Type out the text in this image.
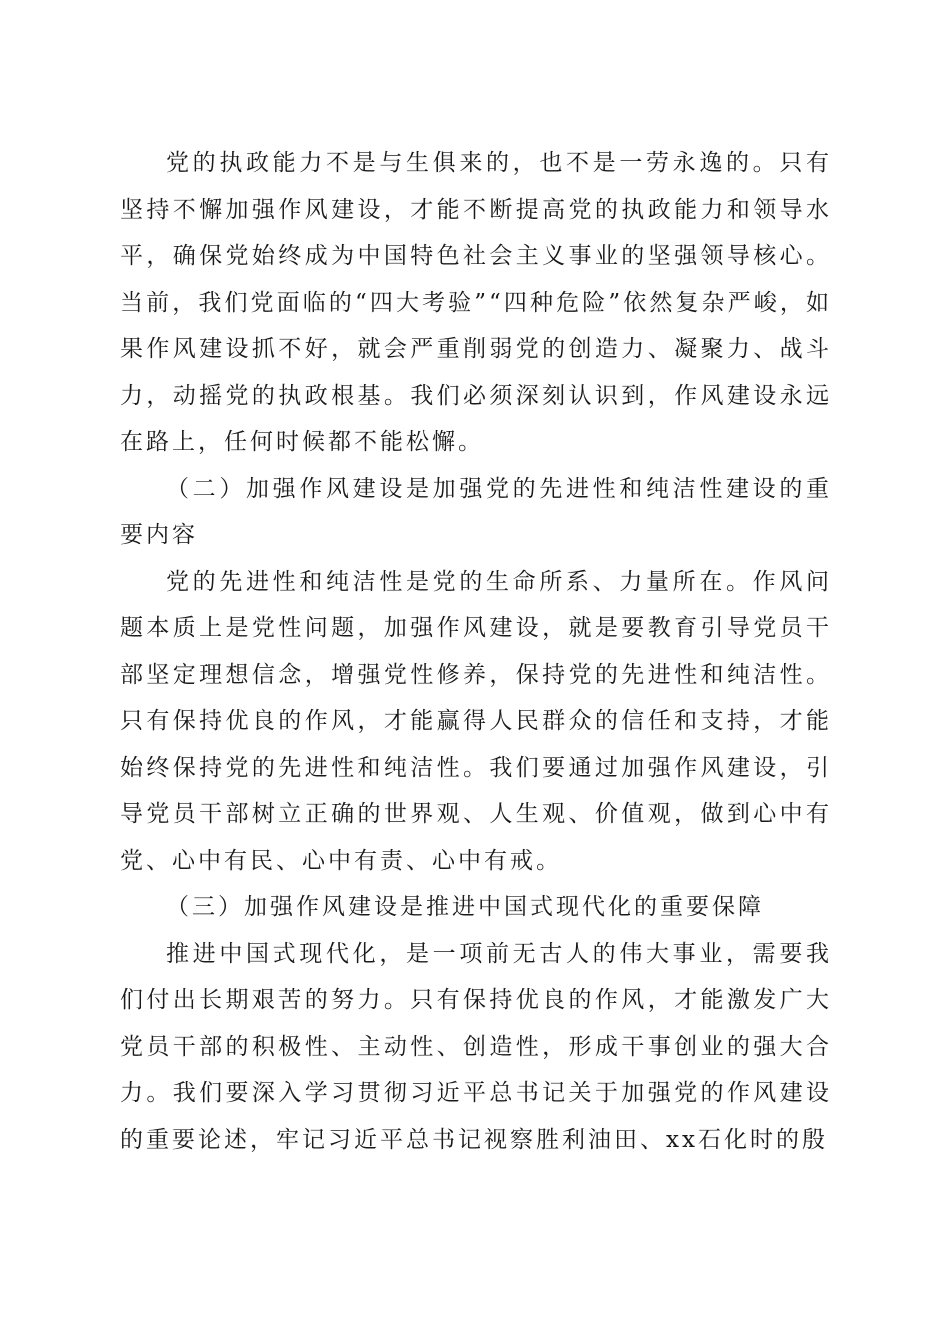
党的执政能力不是与生俱来的，也不是一劳永逸的。只有坚持不懈加强作风建设，才能不断提高党的执政能力和领导水平，确保党始终成为中国特色社会主义事业的坚强领导核心。当前，我们党面临的“四大考验”“四种危险”依然复杂严峻，如果作风建设抓不好，就会严重削弱党的创造力、凝聚力、战斗力，动摇党的执政根基。我们必须深刻认识到，作风建设永远在路上，任何时候都不能松懈。

（二）加强作风建设是加强党的先进性和纯洁性建设的重要内容

党的先进性和纯洁性是党的生命所系、力量所在。作风问题本质上是党性问题，加强作风建设，就是要教育引导党员干部坚定理想信念，增强党性修养，保持党的先进性和纯洁性。只有保持优良的作风，才能赢得人民群众的信任和支持，才能始终保持党的先进性和纯洁性。我们要通过加强作风建设，引导党员干部树立正确的世界观、人生观、价值观，做到心中有党、心中有民、心中有责、心中有戒。

（三）加强作风建设是推进中国式现代化的重要保障

推进中国式现代化，是一项前无古人的伟大事业，需要我们付出长期艰苦的努力。只有保持优良的作风，才能激发广大党员干部的积极性、主动性、创造性，形成干事创业的强大合力。我们要深入学习贯彻习近平总书记关于加强党的作风建设的重要论述，牢记习近平总书记视察胜利油田、xx石化时的殷
